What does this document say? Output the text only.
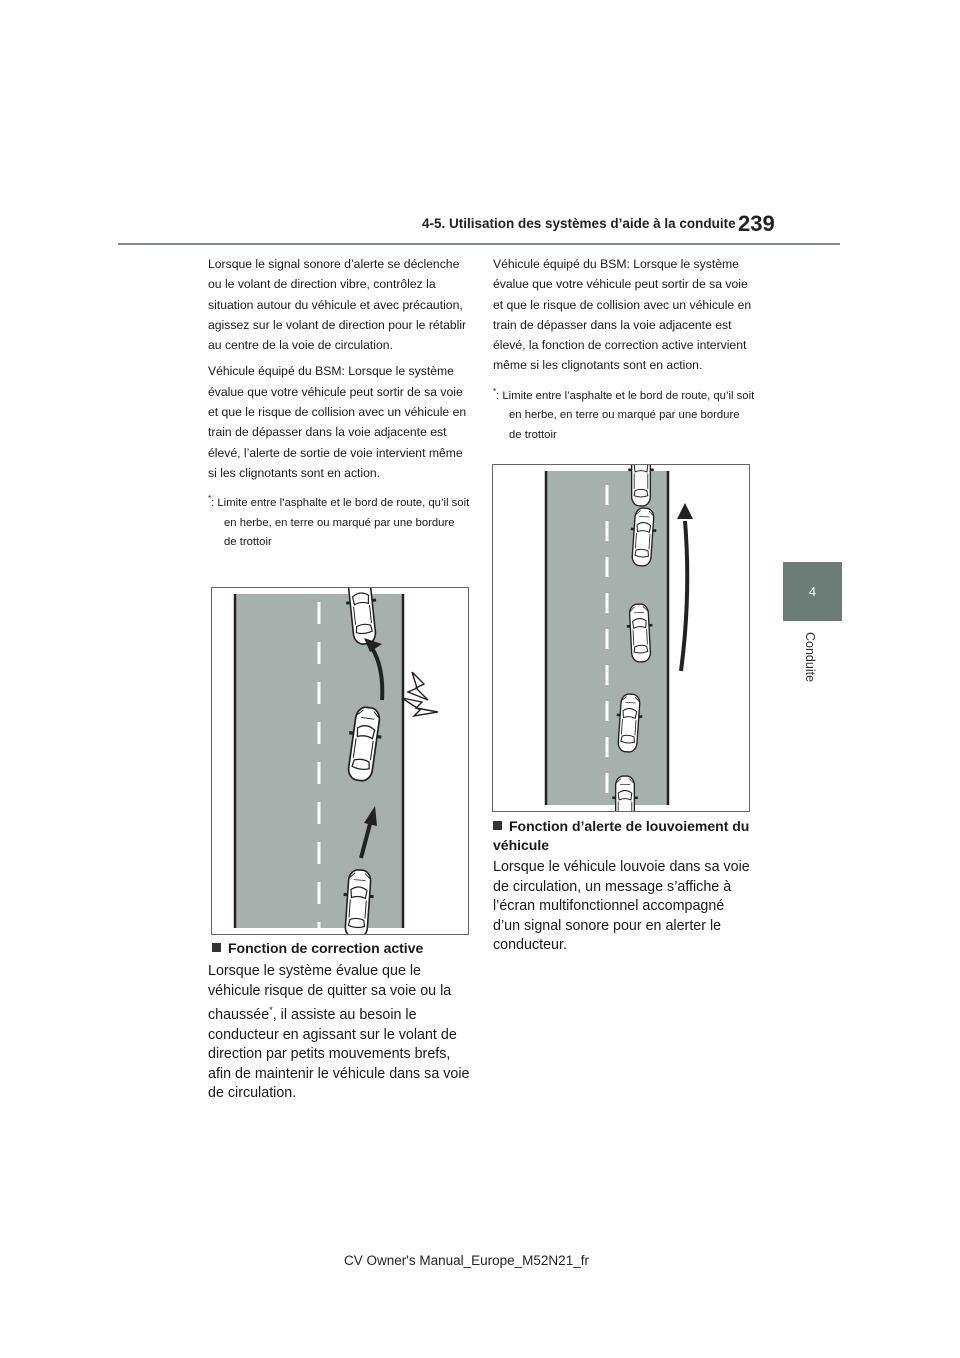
4-5. Utilisation des systèmes d’aide à la conduite 239
4
Conduite

Lorsque le signal sonore d’alerte se déclenche ou le volant de direction vibre, contrôlez la situation autour du véhicule et avec précaution, agissez sur le volant de direction pour le rétablir au centre de la voie de circulation.

Véhicule équipé du BSM: Lorsque le système évalue que votre véhicule peut sortir de sa voie et que le risque de collision avec un véhicule en train de dépasser dans la voie adjacente est élevé, l’alerte de sortie de voie intervient même si les clignotants sont en action.

*: Limite entre l’asphalte et le bord de route, qu’il soit en herbe, en terre ou marqué par une bordure de trottoir

Véhicule équipé du BSM: Lorsque le système évalue que votre véhicule peut sortir de sa voie et que le risque de collision avec un véhicule en train de dépasser dans la voie adjacente est élevé, la fonction de correction active intervient même si les clignotants sont en action.

*: Limite entre l’asphalte et le bord de route, qu’il soit en herbe, en terre ou marqué par une bordure de trottoir

Fonction de correction active
Lorsque le système évalue que le véhicule risque de quitter sa voie ou la chaussée*, il assiste au besoin le conducteur en agissant sur le volant de direction par petits mouvements brefs, afin de maintenir le véhicule dans sa voie de circulation.
Fonction d’alerte de louvoiement du véhicule
Lorsque le véhicule louvoie dans sa voie de circulation, un message s’affiche à l’écran multifonctionnel accompagné d’un signal sonore pour en alerter le conducteur.
CV Owner's Manual_Europe_M52N21_fr
